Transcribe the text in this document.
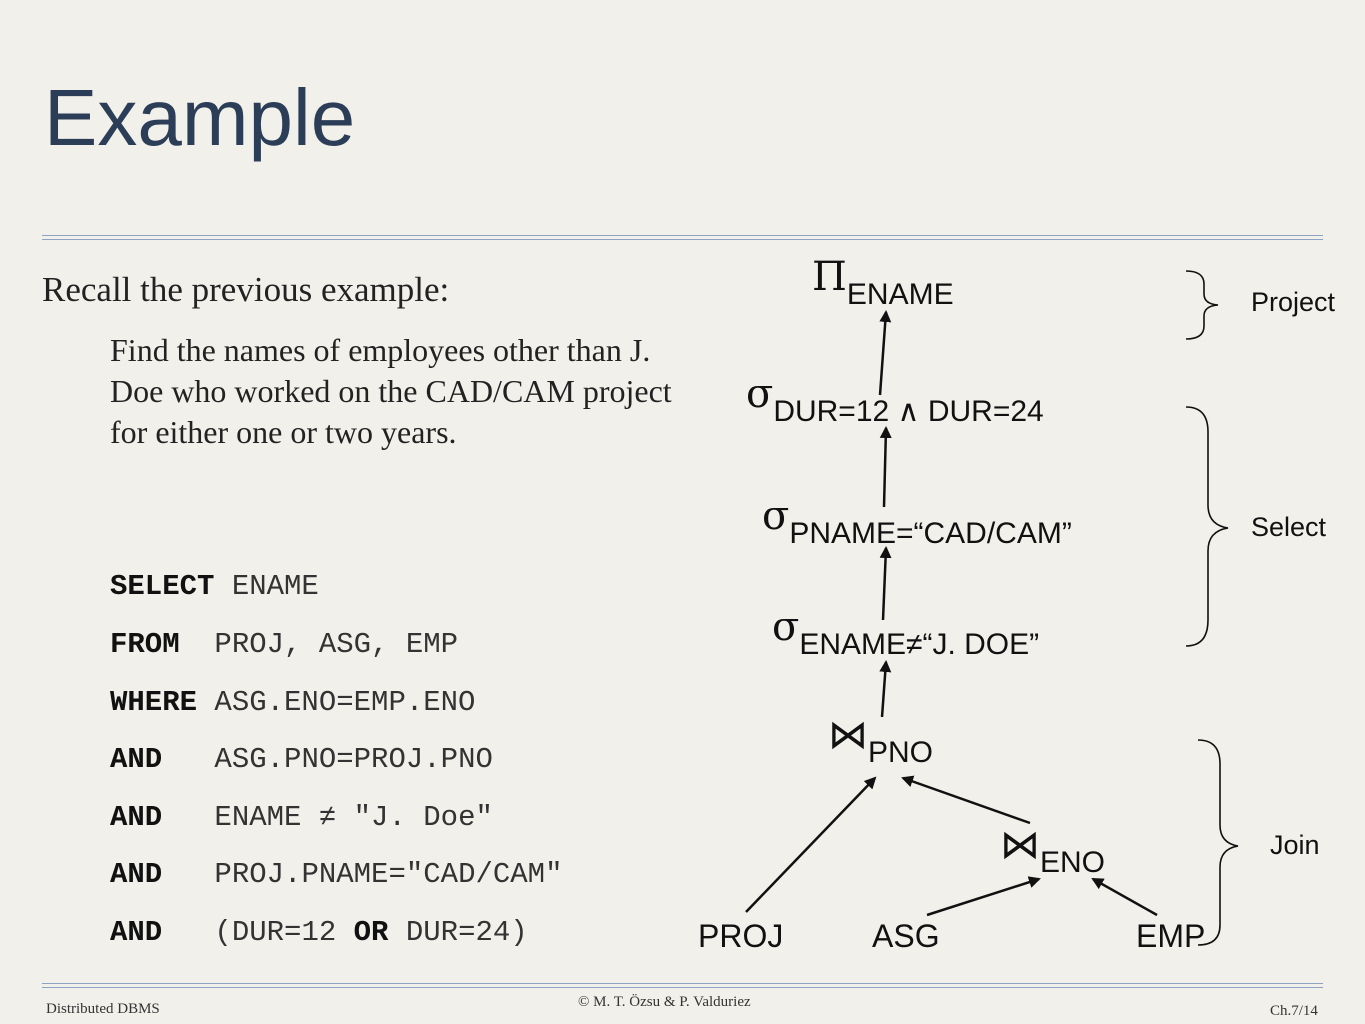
Example
Recall the previous example:
Find the names of employees other than J. Doe who worked on the CAD/CAM project for either one or two years.
SELECT ENAME
FROM  PROJ, ASG, EMP
WHERE ASG.ENO=EMP.ENO
AND   ASG.PNO=PROJ.PNO
AND   ENAME ≠ "J. Doe"
AND   PROJ.PNAME="CAD/CAM"
AND   (DUR=12 OR DUR=24)
ΠENAME
σDUR=12 ∧ DUR=24
σPNAME=“CAD/CAM”
σENAME≠“J. DOE”
⋈PNO
⋈ENO
PROJ	ASG	EMP
Project
Select
Join
Distributed DBMS	© M. T. Özsu & P. Valduriez
Ch.7/14
